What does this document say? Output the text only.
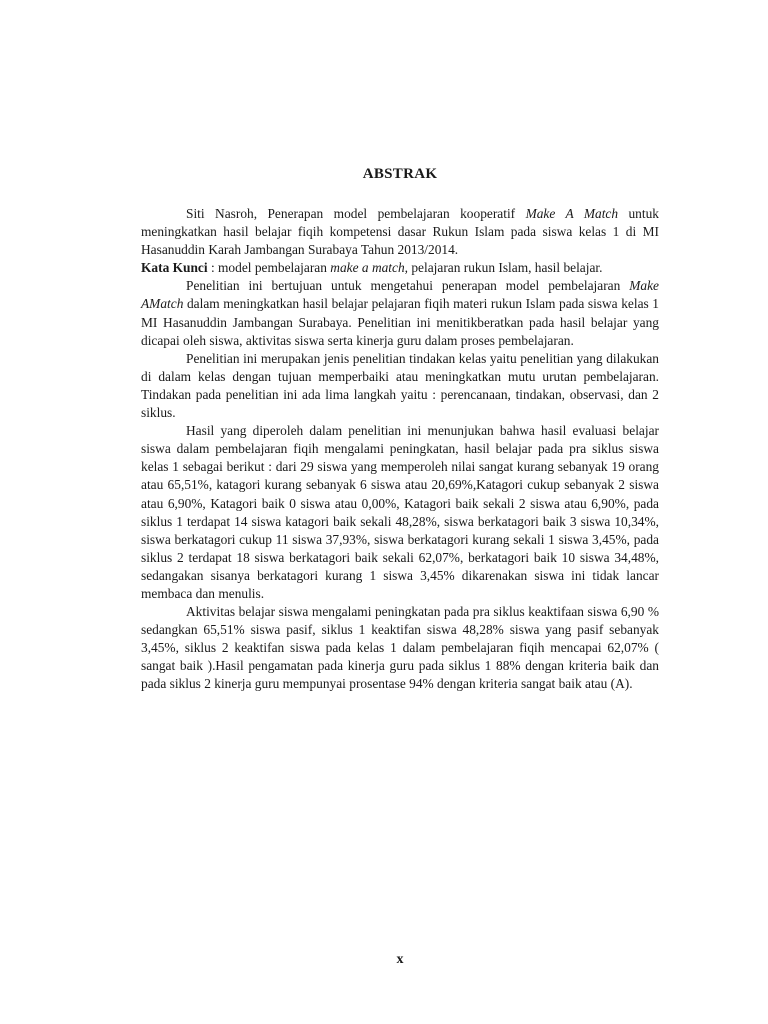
ABSTRAK

Siti Nasroh, Penerapan model pembelajaran kooperatif Make A Match untuk meningkatkan hasil belajar fiqih kompetensi dasar Rukun Islam pada siswa kelas 1 di MI Hasanuddin Karah Jambangan Surabaya Tahun 2013/2014.

Kata Kunci : model pembelajaran make a match, pelajaran rukun Islam, hasil belajar.

Penelitian ini bertujuan untuk mengetahui penerapan model pembelajaran Make AMatch dalam meningkatkan hasil belajar pelajaran fiqih materi rukun Islam pada siswa kelas 1 MI Hasanuddin Jambangan Surabaya. Penelitian ini menitikberatkan pada hasil belajar yang dicapai oleh siswa, aktivitas siswa serta kinerja guru dalam proses pembelajaran.

Penelitian ini merupakan jenis penelitian tindakan kelas yaitu penelitian yang dilakukan di dalam kelas dengan tujuan memperbaiki atau meningkatkan mutu urutan pembelajaran. Tindakan pada penelitian ini ada lima langkah yaitu : perencanaan, tindakan, observasi, dan 2 siklus.

Hasil yang diperoleh dalam penelitian ini menunjukan bahwa hasil evaluasi belajar siswa dalam pembelajaran fiqih mengalami peningkatan, hasil belajar pada pra siklus siswa kelas 1 sebagai berikut : dari 29 siswa yang memperoleh nilai sangat kurang sebanyak 19 orang atau 65,51%, katagori kurang sebanyak 6 siswa atau 20,69%,Katagori cukup sebanyak 2 siswa atau 6,90%, Katagori baik 0 siswa atau 0,00%, Katagori baik sekali 2 siswa atau 6,90%, pada siklus 1 terdapat 14 siswa katagori baik sekali 48,28%, siswa berkatagori baik 3 siswa 10,34%, siswa berkatagori cukup 11 siswa 37,93%, siswa berkatagori kurang sekali 1 siswa 3,45%, pada siklus 2 terdapat 18 siswa berkatagori baik sekali 62,07%, berkatagori baik 10 siswa 34,48%, sedangakan sisanya berkatagori kurang 1 siswa 3,45% dikarenakan siswa ini tidak lancar membaca dan menulis.

Aktivitas belajar siswa mengalami peningkatan pada pra siklus keaktifaan siswa 6,90 % sedangkan 65,51% siswa pasif, siklus 1 keaktifan siswa 48,28% siswa yang pasif sebanyak 3,45%, siklus 2 keaktifan siswa pada kelas 1 dalam pembelajaran fiqih mencapai 62,07% ( sangat baik ).Hasil pengamatan pada kinerja guru pada siklus 1 88% dengan kriteria baik dan pada siklus 2 kinerja guru mempunyai prosentase 94% dengan kriteria sangat baik atau (A).

x
